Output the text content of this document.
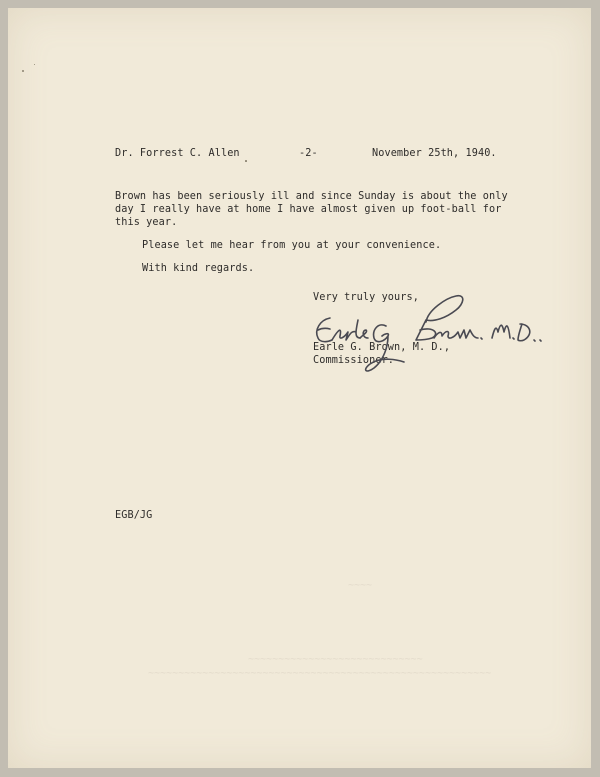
~~~~
~~~~~~~~~~~~~~~~~~~~~~~~~~~~~
~~~~~~~~~~~~~~~~~~~~~~~~~~~~~~~~~~~~~~~~~~~~~~~~~~~~~~~~~
Dr. Forrest C. Allen	-2-	November 25th, 1940.
Brown has been seriously ill and since Sunday is about the only
day I really have at home I have almost given up foot-ball for
this year.
Please let me hear from you at your convenience.
With kind regards.
Very truly yours,
Earle G. Brown, M. D.,
Commissioner.
EGB/JG
